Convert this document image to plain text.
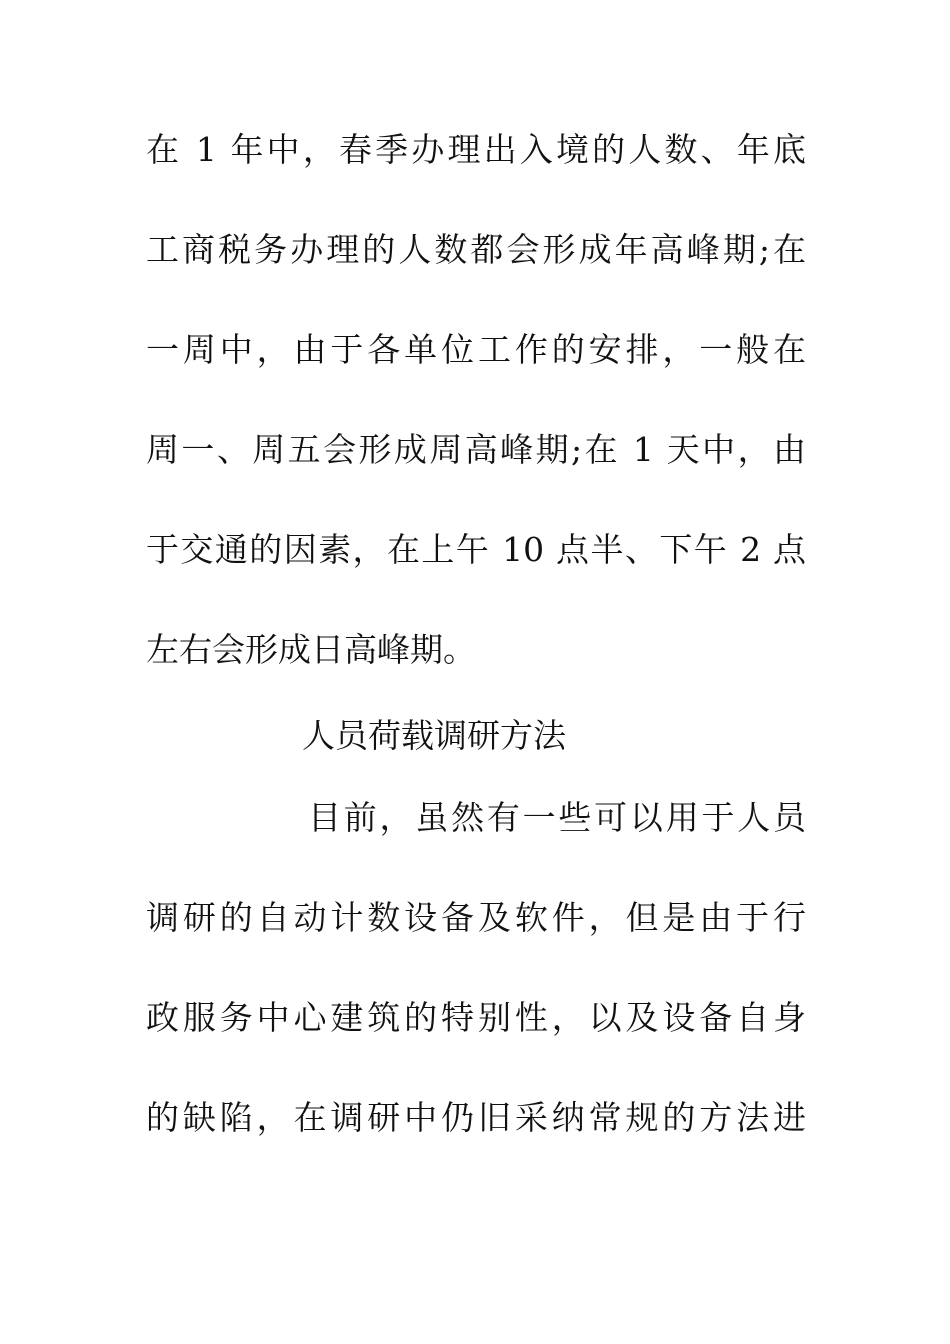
在 1 年中，春季办理出入境的人数、年底
工商税务办理的人数都会形成年高峰期;在
一周中，由于各单位工作的安排，一般在
周一、周五会形成周高峰期;在 1 天中，由
于交通的因素，在上午 10 点半、下午 2 点
左右会形成日高峰期。
人员荷载调研方法
目前，虽然有一些可以用于人员
调研的自动计数设备及软件，但是由于行
政服务中心建筑的特别性，以及设备自身
的缺陷，在调研中仍旧采纳常规的方法进
